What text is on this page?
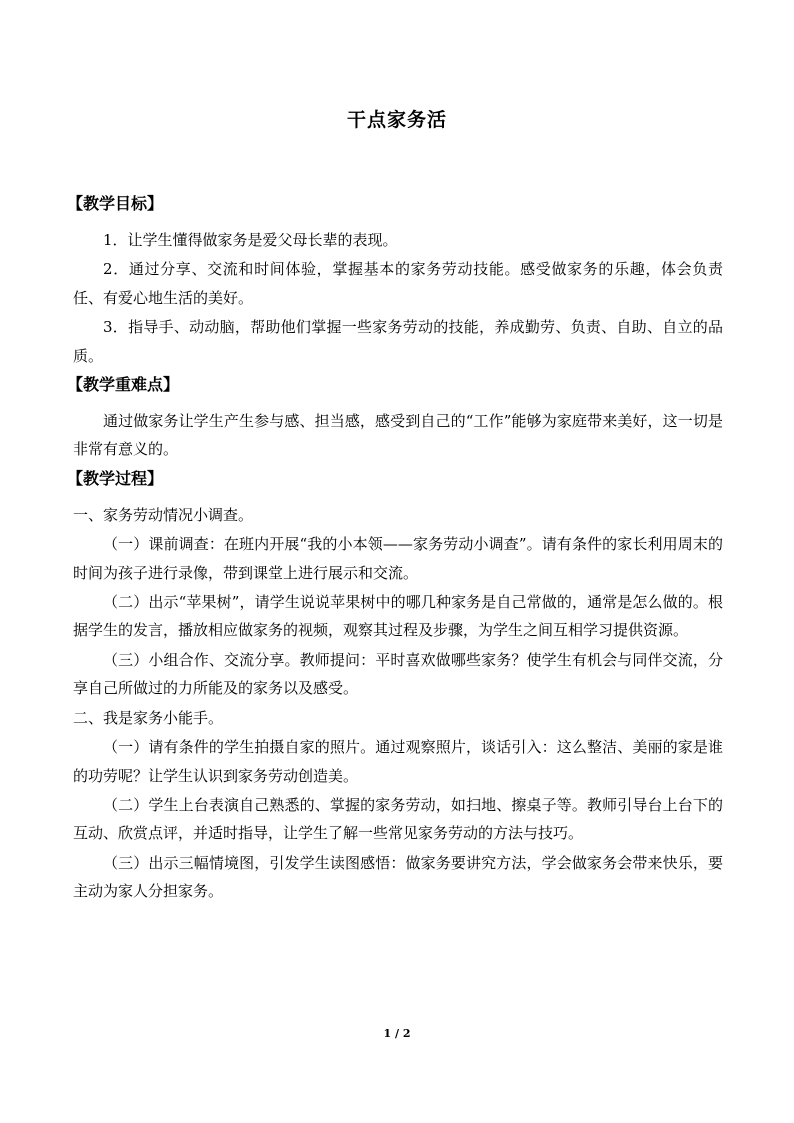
干点家务活
【教学目标】

1．让学生懂得做家务是爱父母长辈的表现。

2．通过分享、交流和时间体验，掌握基本的家务劳动技能。感受做家务的乐趣，体会负责任、有爱心地生活的美好。

3．指导手、动动脑，帮助他们掌握一些家务劳动的技能，养成勤劳、负责、自助、自立的品质。

【教学重难点】

通过做家务让学生产生参与感、担当感，感受到自己的“工作”能够为家庭带来美好，这一切是非常有意义的。

【教学过程】

一、家务劳动情况小调查。

（一）课前调查：在班内开展“我的小本领——家务劳动小调查”。请有条件的家长利用周末的时间为孩子进行录像，带到课堂上进行展示和交流。

（二）出示“苹果树”，请学生说说苹果树中的哪几种家务是自己常做的，通常是怎么做的。根据学生的发言，播放相应做家务的视频，观察其过程及步骤，为学生之间互相学习提供资源。

（三）小组合作、交流分享。教师提问：平时喜欢做哪些家务？使学生有机会与同伴交流，分享自己所做过的力所能及的家务以及感受。

二、我是家务小能手。

（一）请有条件的学生拍摄自家的照片。通过观察照片，谈话引入：这么整洁、美丽的家是谁的功劳呢？让学生认识到家务劳动创造美。

（二）学生上台表演自己熟悉的、掌握的家务劳动，如扫地、擦桌子等。教师引导台上台下的互动、欣赏点评，并适时指导，让学生了解一些常见家务劳动的方法与技巧。

（三）出示三幅情境图，引发学生读图感悟：做家务要讲究方法，学会做家务会带来快乐，要主动为家人分担家务。

1 / 2
